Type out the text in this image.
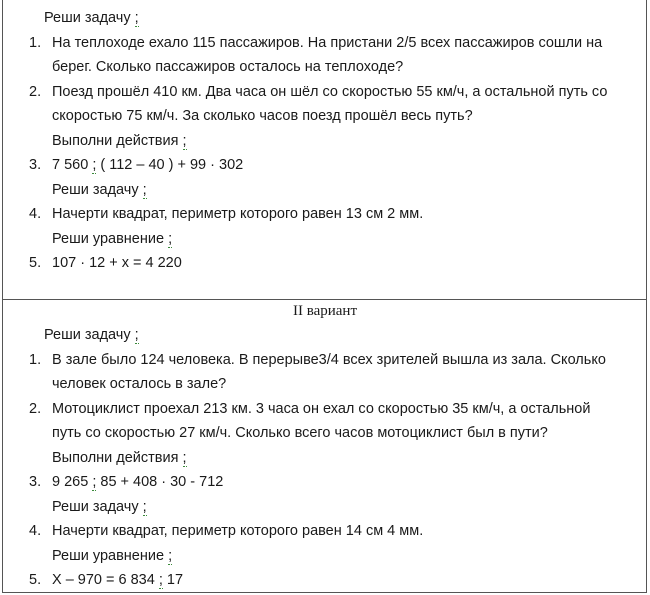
Реши задачу ;
1. На теплоходе ехало 115 пассажиров. На пристани 2/5 всех пассажиров сошли на
берег. Сколько пассажиров осталось на теплоходе?
2. Поезд прошёл 410 км. Два часа он шёл со скоростью 55 км/ч, а остальной путь со
скоростью 75 км/ч. За сколько часов поезд прошёл весь путь?
Выполни действия ;
3. 7 560 ; ( 112 – 40 ) + 99 · 302
Реши задачу ;
4. Начерти квадрат, периметр которого равен 13 см 2 мм.
Реши уравнение ;
5. 107 · 12 + х = 4 220
II вариант
Реши задачу ;
1. В зале было 124 человека. В перерыве3/4 всех зрителей вышла из зала. Сколько
человек осталось в зале?
2. Мотоциклист проехал 213 км. 3 часа он ехал со скоростью 35 км/ч, а остальной
путь со скоростью 27 км/ч. Сколько всего часов мотоциклист был в пути?
Выполни действия ;
3. 9 265 ; 85 + 408 · 30 - 712
Реши задачу ;
4. Начерти квадрат, периметр которого равен 14 см 4 мм.
Реши уравнение ;
5. Х – 970 = 6 834 ; 17
